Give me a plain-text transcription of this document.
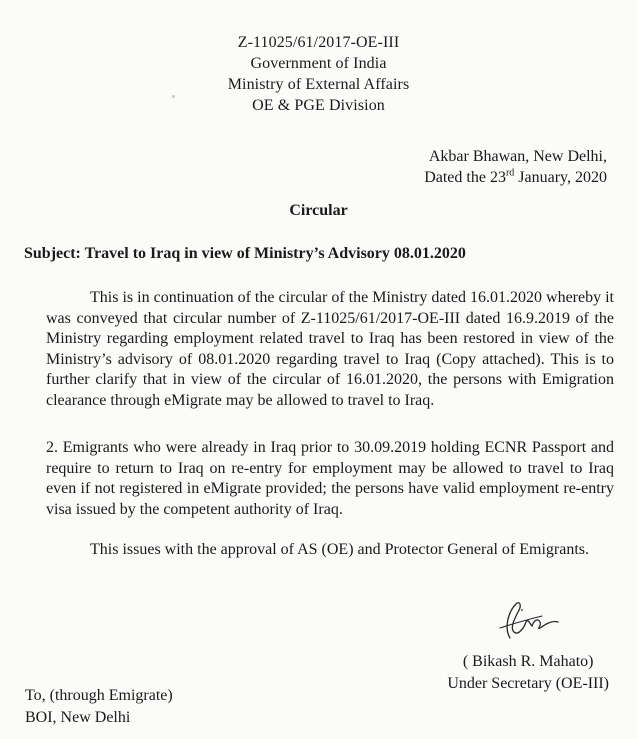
Z-11025/61/2017-OE-III
Government of India
Ministry of External Affairs
OE & PGE Division
Akbar Bhawan, New Delhi,
Dated the 23rd January, 2020
Circular
Subject: Travel to Iraq in view of Ministry’s Advisory 08.01.2020
This is in continuation of the circular of the Ministry dated 16.01.2020 whereby it was conveyed that circular number of Z-11025/61/2017-OE-III dated 16.9.2019 of the Ministry regarding employment related travel to Iraq has been restored in view of the Ministry’s advisory of 08.01.2020 regarding travel to Iraq (Copy attached). This is to further clarify that in view of the circular of 16.01.2020, the persons with Emigration clearance through eMigrate may be allowed to travel to Iraq.
2. Emigrants who were already in Iraq prior to 30.09.2019 holding ECNR Passport and require to return to Iraq on re-entry for employment may be allowed to travel to Iraq even if not registered in eMigrate provided; the persons have valid employment re-entry visa issued by the competent authority of Iraq.
This issues with the approval of AS (OE) and Protector General of Emigrants.
( Bikash R. Mahato)
Under Secretary (OE-III)
To, (through Emigrate)
BOI, New Delhi
